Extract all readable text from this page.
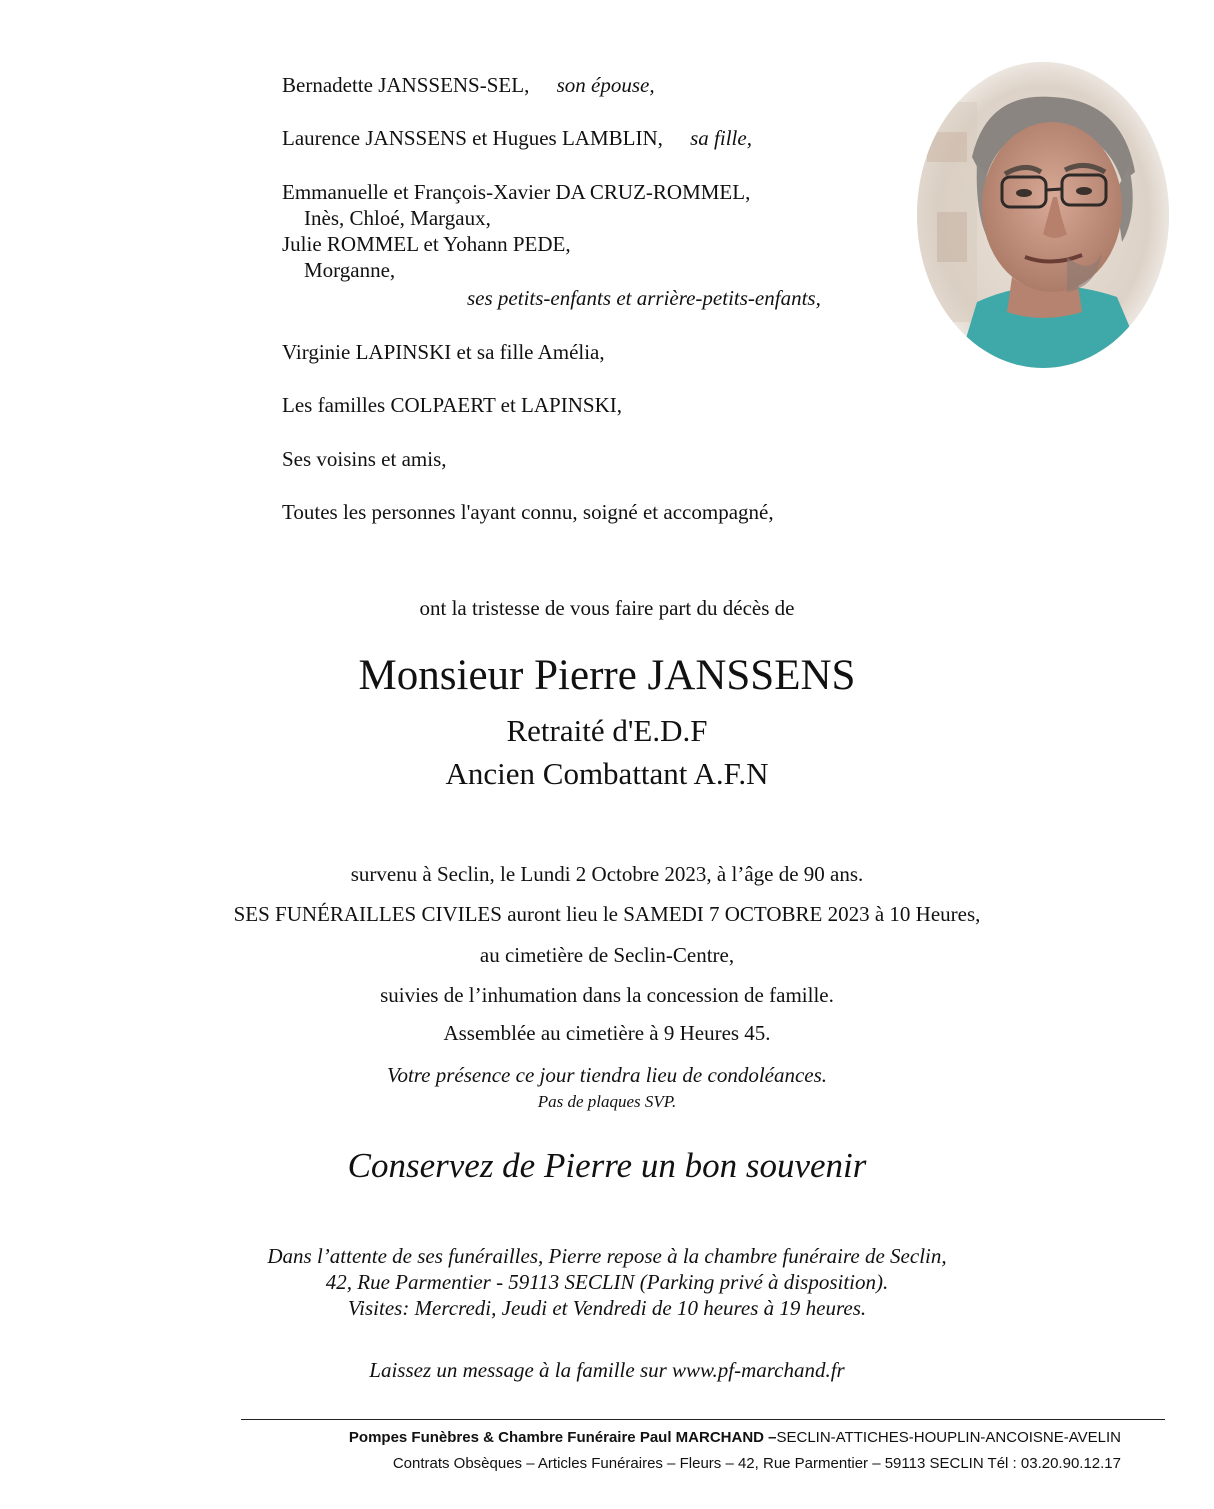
Bernadette JANSSENS-SEL, son épouse,
Laurence JANSSENS et Hugues LAMBLIN, sa fille,
Emmanuelle et François-Xavier DA CRUZ-ROMMEL,
Inès, Chloé, Margaux,
Julie ROMMEL et Yohann PEDE,
Morganne,
ses petits-enfants et arrière-petits-enfants,
Virginie LAPINSKI et sa fille Amélia,
Les familles COLPAERT et LAPINSKI,
Ses voisins et amis,
Toutes les personnes l'ayant connu, soigné et accompagné,
ont la tristesse de vous faire part du décès de
Monsieur Pierre JANSSENS
Retraité d'E.D.F
Ancien Combattant A.F.N
survenu à Seclin, le Lundi 2 Octobre 2023, à l’âge de 90 ans.
SES FUNÉRAILLES CIVILES auront lieu le SAMEDI 7 OCTOBRE 2023 à 10 Heures,
au cimetière de Seclin-Centre,
suivies de l’inhumation dans la concession de famille.
Assemblée au cimetière à 9 Heures 45.
Votre présence ce jour tiendra lieu de condoléances.
Pas de plaques SVP.
Conservez de Pierre un bon souvenir
Dans l’attente de ses funérailles, Pierre repose à la chambre funéraire de Seclin,
42, Rue Parmentier - 59113 SECLIN (Parking privé à disposition).
Visites: Mercredi, Jeudi et Vendredi de 10 heures à 19 heures.
Laissez un message à la famille sur www.pf-marchand.fr
Pompes Funèbres & Chambre Funéraire Paul MARCHAND –SECLIN-ATTICHES-HOUPLIN-ANCOISNE-AVELIN
Contrats Obsèques – Articles Funéraires – Fleurs – 42, Rue Parmentier – 59113 SECLIN Tél : 03.20.90.12.17
